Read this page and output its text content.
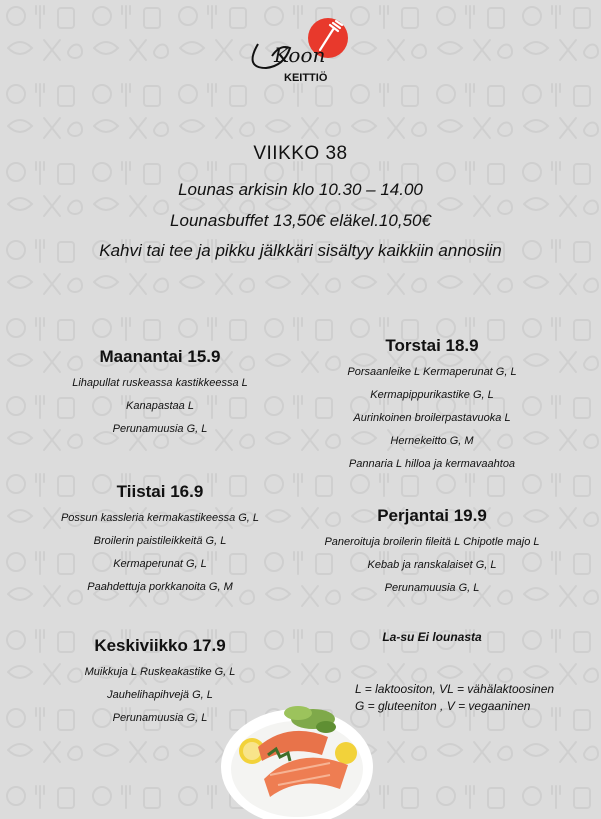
Koon
KEITTIÖ
VIIKKO 38
Lounas arkisin klo 10.30 – 14.00
Lounasbuffet 13,50€ eläkel.10,50€
Kahvi tai tee ja pikku jälkkäri sisältyy kaikkiin annosiin
Maanantai 15.9

Lihapullat ruskeassa kastikkeessa L

Kanapastaa L

Perunamuusia G, L

Tiistai 16.9

Possun kassleria kermakastikeessa G, L

Broilerin paistileikkeitä G, L

Kermaperunat G, L

Paahdettuja porkkanoita G, M

Keskiviikko 17.9

Muikkuja L Ruskeakastike G, L

Jauhelihapihvejä G, L

Perunamuusia G, L

Torstai 18.9

Porsaanleike L Kermaperunat G, L

Kermapippurikastike G, L

Aurinkoinen broilerpastavuoka L

Hernekeitto G, M

Pannaria L hilloa ja kermavaahtoa

Perjantai 19.9

Paneroituja broilerin fileitä L Chipotle majo L

Kebab ja ranskalaiset G, L

Perunamuusia G, L

La-su Ei lounasta
L = laktoositon, VL = vähälaktoosinen
G = gluteeniton , V = vegaaninen
